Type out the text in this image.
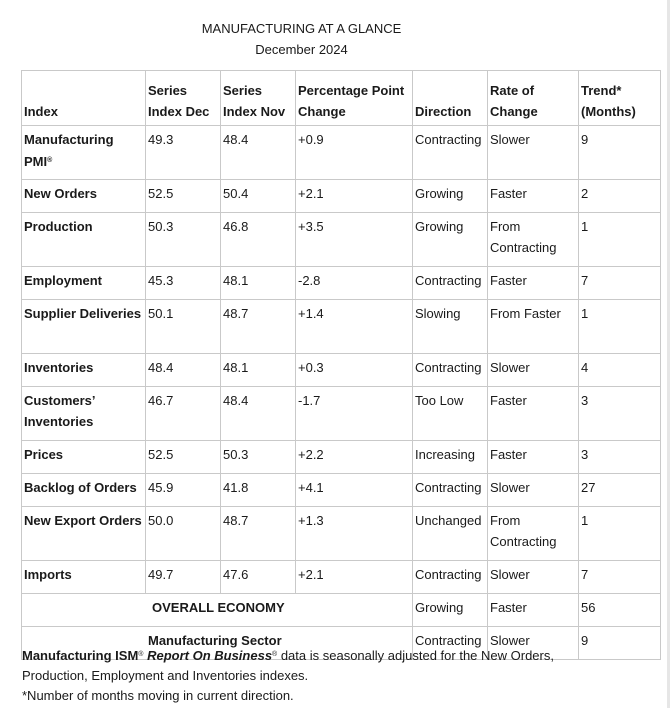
MANUFACTURING AT A GLANCE
December 2024
Index	Series Index Dec	Series Index Nov	Percentage Point Change	Direction	Rate of Change	Trend* (Months)
Manufacturing PMI®	49.3	48.4	+0.9	Contracting	Slower	9
New Orders	52.5	50.4	+2.1	Growing	Faster	2
Production	50.3	46.8	+3.5	Growing	From Contracting	1
Employment	45.3	48.1	-2.8	Contracting	Faster	7
Supplier Deliveries	50.1	48.7	+1.4	Slowing	From Faster	1
Inventories	48.4	48.1	+0.3	Contracting	Slower	4
Customers’ Inventories	46.7	48.4	-1.7	Too Low	Faster	3
Prices	52.5	50.3	+2.2	Increasing	Faster	3
Backlog of Orders	45.9	41.8	+4.1	Contracting	Slower	27
New Export Orders	50.0	48.7	+1.3	Unchanged	From Contracting	1
Imports	49.7	47.6	+2.1	Contracting	Slower	7
OVERALL ECONOMY				Growing	Faster	56
Manufacturing Sector				Contracting	Slower	9
Manufacturing ISM® Report On Business® data is seasonally adjusted for the New Orders,
Production, Employment and Inventories indexes.
*Number of months moving in current direction.
